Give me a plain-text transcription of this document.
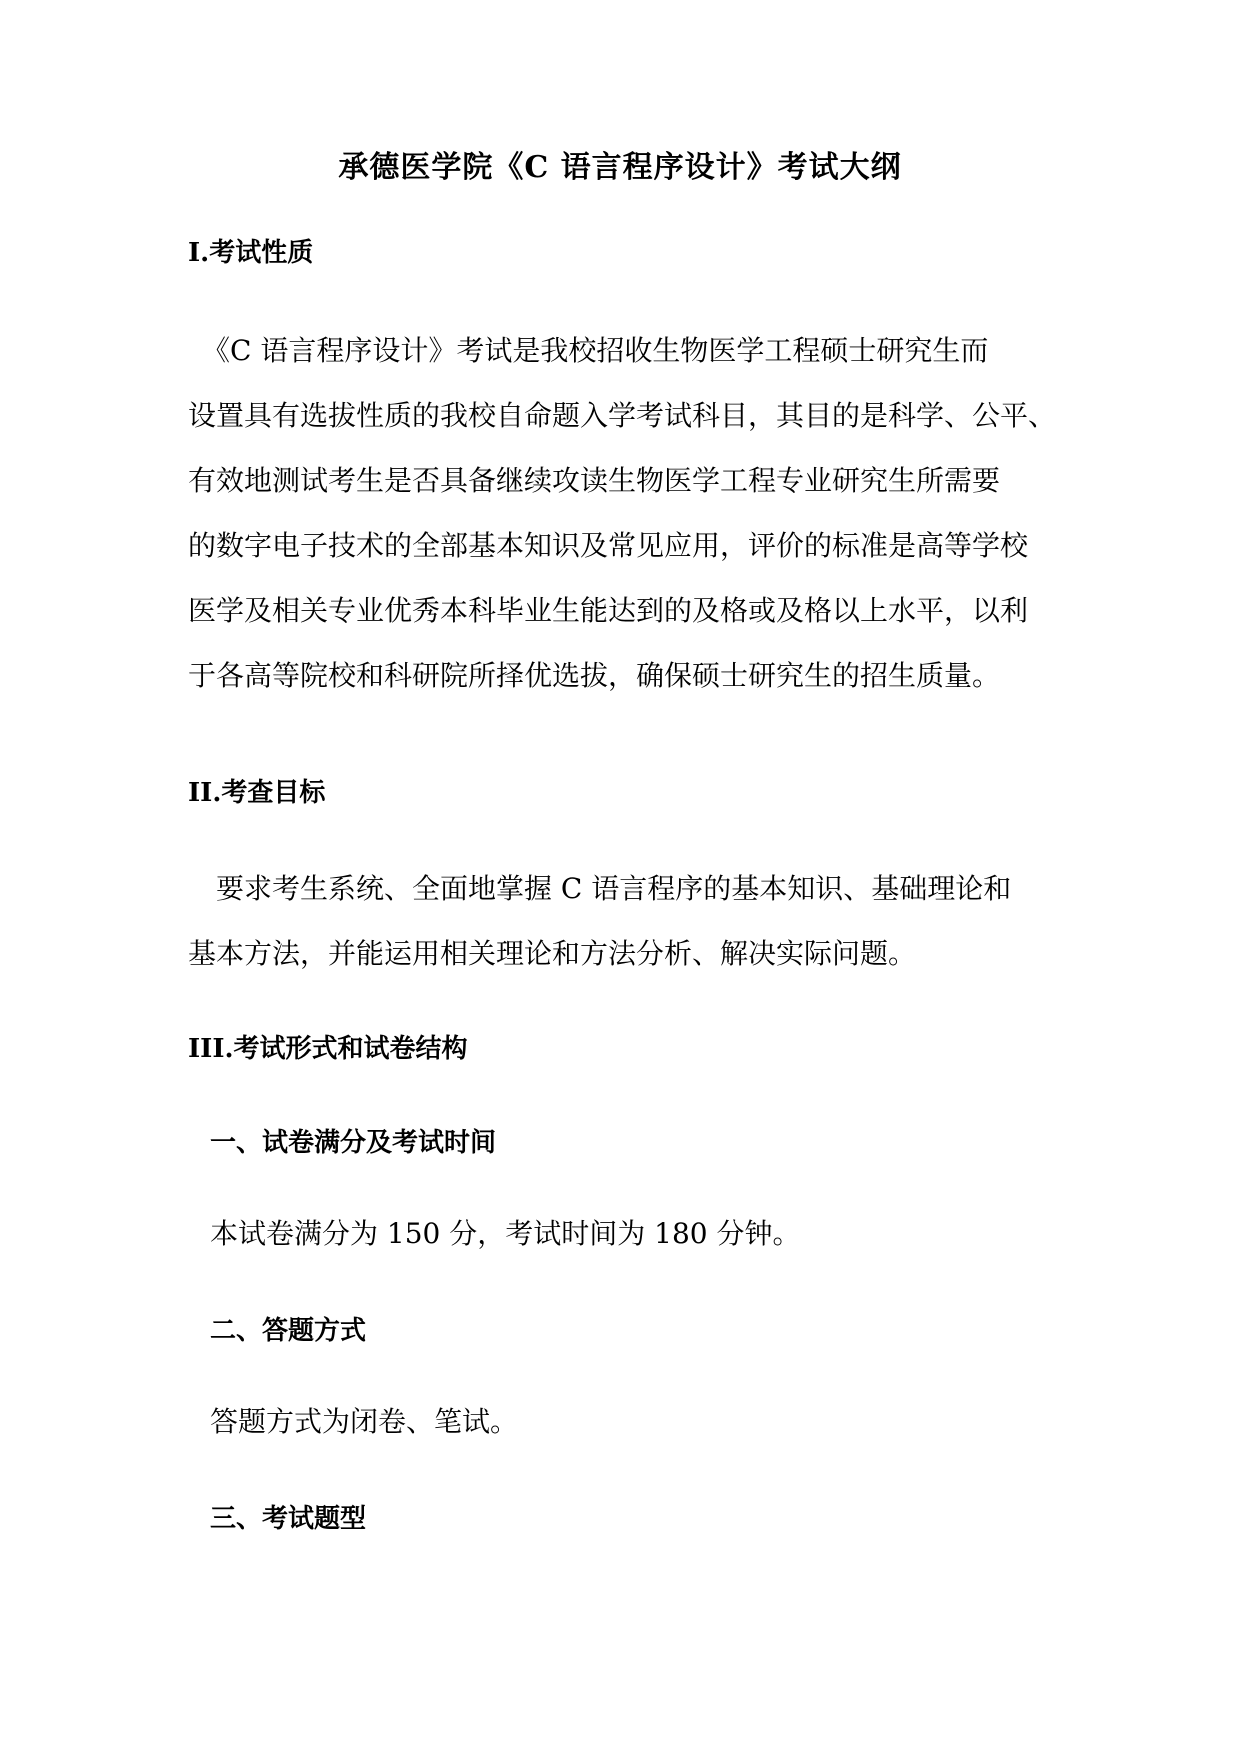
承德医学院《C 语言程序设计》考试大纲
I.考试性质
　《C 语言程序设计》考试是我校招收生物医学工程硕士研究生而
设置具有选拔性质的我校自命题入学考试科目，其目的是科学、公平、
有效地测试考生是否具备继续攻读生物医学工程专业研究生所需要
的数字电子技术的全部基本知识及常见应用，评价的标准是高等学校
医学及相关专业优秀本科毕业生能达到的及格或及格以上水平，以利
于各高等院校和科研院所择优选拔，确保硕士研究生的招生质量。
II.考查目标
　要求考生系统、全面地掌握 C 语言程序的基本知识、基础理论和
基本方法，并能运用相关理论和方法分析、解决实际问题。
III.考试形式和试卷结构
一、试卷满分及考试时间
本试卷满分为 150 分，考试时间为 180 分钟。
二、答题方式
答题方式为闭卷、笔试。
三、考试题型
